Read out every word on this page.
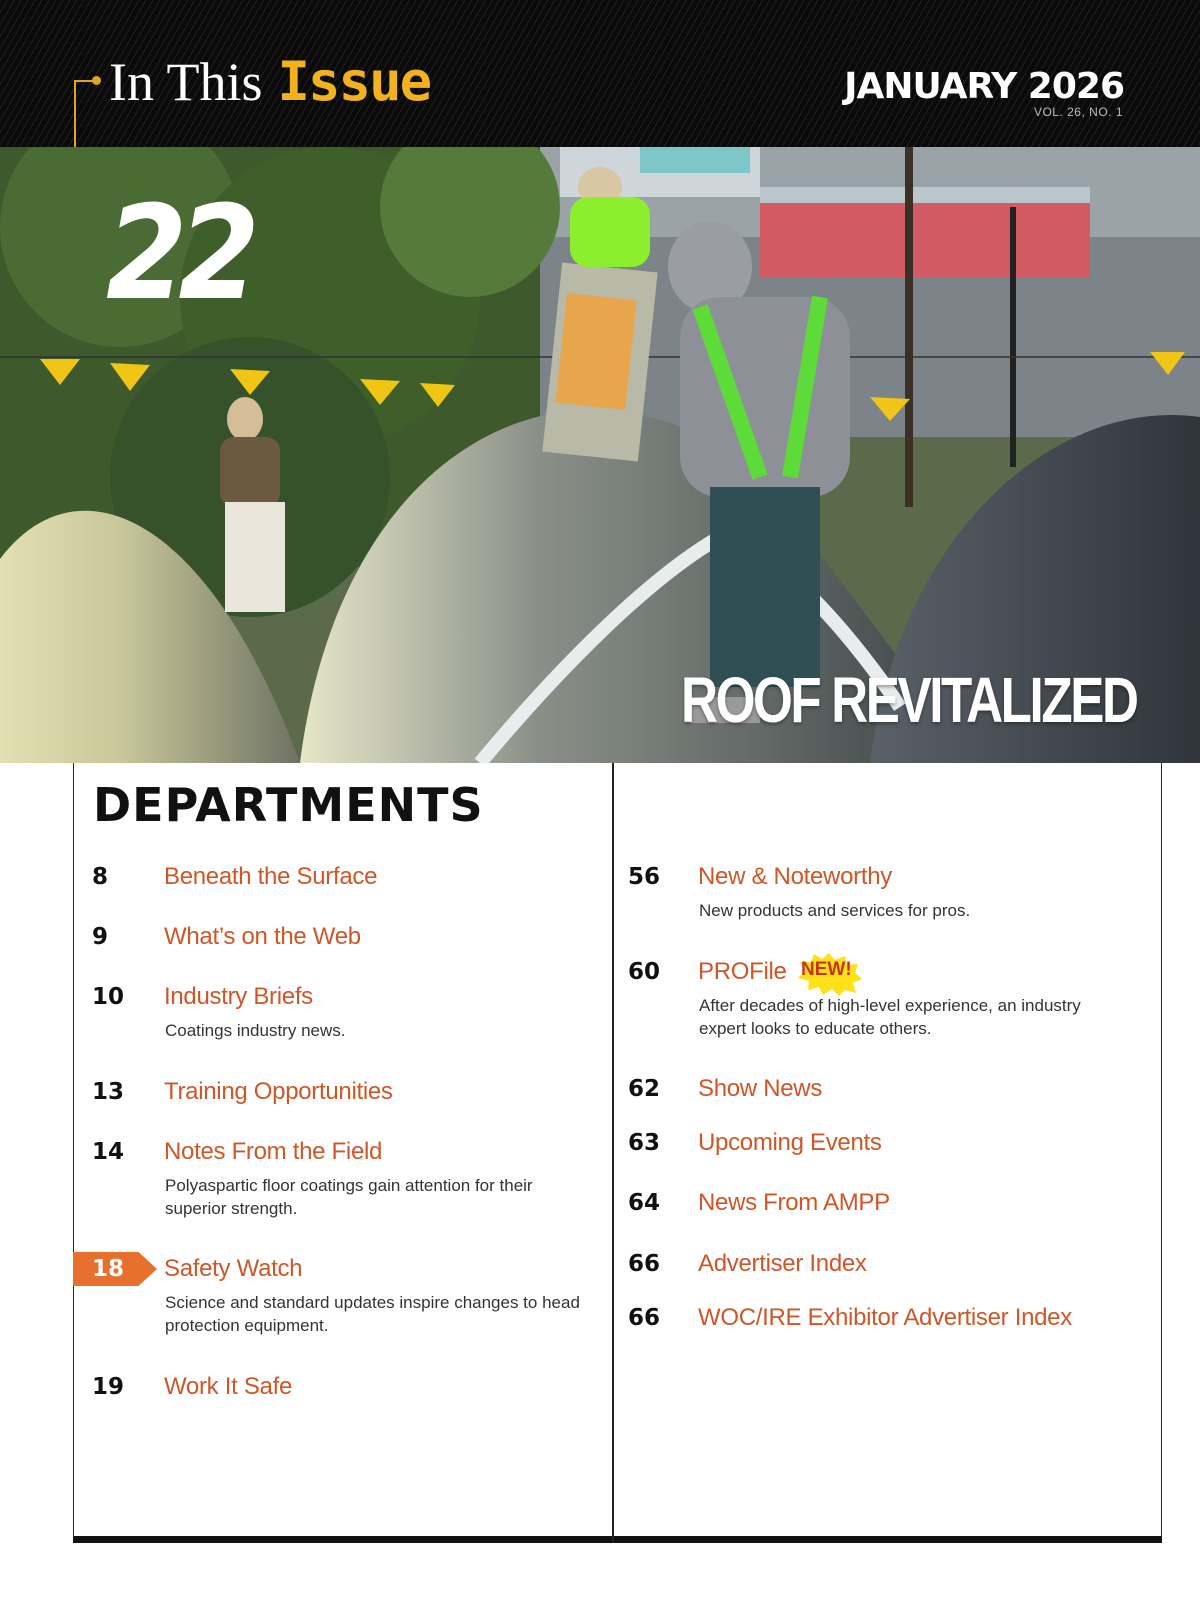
In This Issue	JANUARY 2026
VOL. 26, NO. 1
22
ROOF REVITALIZED
DEPARTMENTS
8 Beneath the Surface
9 What’s on the Web
10 Industry Briefs
Coatings industry news.
13 Training Opportunities
14 Notes From the Field
Polyaspartic floor coatings gain attention for their superior strength.
18 Safety Watch
Science and standard updates inspire changes to head protection equipment.
19 Work It Safe
56 New & Noteworthy
New products and services for pros.
NEW!
60 PROFile
After decades of high-level experience, an industry expert looks to educate others.
62 Show News
63 Upcoming Events
64 News From AMPP
66 Advertiser Index
66 WOC/IRE Exhibitor Advertiser Index
